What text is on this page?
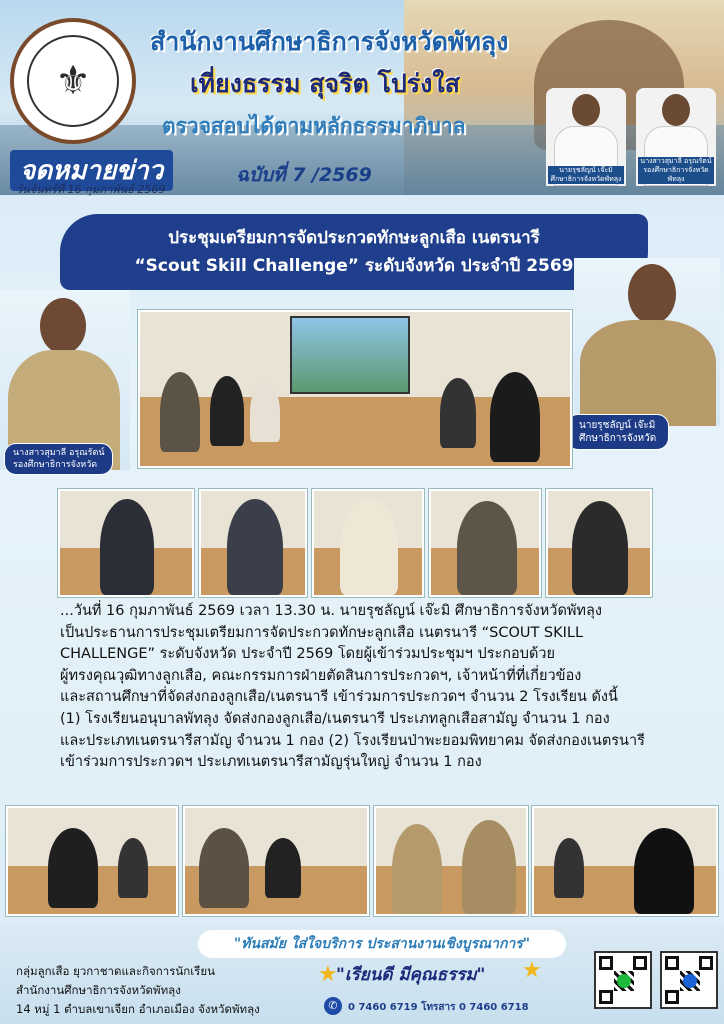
⚜
สำนักงานศึกษาธิการจังหวัดพัทลุง
เที่ยงธรรม สุจริต โปร่งใส
ตรวจสอบได้ตามหลักธรรมาภิบาล
จดหมายข่าว
วันจันทร์ที่ 16 กุมภาพันธ์ 2569
ฉบับที่ 7 /2569	นายรุชลัญน์ เจ๊ะมิ ศึกษาธิการจังหวัดพัทลุง
นางสาวสุมาลี อรุณรัตน์ รองศึกษาธิการจังหวัดพัทลุง
ประชุมเตรียมการจัดประกวดทักษะลูกเสือ เนตรนารี
“Scout Skill Challenge” ระดับจังหวัด ประจำปี 2569
นางสาวสุมาลี อรุณรัตน์
รองศึกษาธิการจังหวัด
นายรุชลัญน์ เจ๊ะมิ
ศึกษาธิการจังหวัด

...วันที่ 16 กุมภาพันธ์ 2569 เวลา 13.30 น. นายรุชลัญน์ เจ๊ะมิ ศึกษาธิการจังหวัดพัทลุง

เป็นประธานการประชุมเตรียมการจัดประกวดทักษะลูกเสือ เนตรนารี “SCOUT SKILL

CHALLENGE” ระดับจังหวัด ประจำปี 2569 โดยผู้เข้าร่วมประชุมฯ ประกอบด้วย

ผู้ทรงคุณวุฒิทางลูกเสือ, คณะกรรมการฝ่ายตัดสินการประกวดฯ, เจ้าหน้าที่ที่เกี่ยวข้อง

และสถานศึกษาที่จัดส่งกองลูกเสือ/เนตรนารี เข้าร่วมการประกวดฯ จำนวน 2 โรงเรียน ดังนี้

(1) โรงเรียนอนุบาลพัทลุง จัดส่งกองลูกเสือ/เนตรนารี ประเภทลูกเสือสามัญ จำนวน 1 กอง

และประเภทเนตรนารีสามัญ จำนวน 1 กอง (2) โรงเรียนป่าพะยอมพิทยาคม จัดส่งกองเนตรนารี

เข้าร่วมการประกวดฯ ประเภทเนตรนารีสามัญรุ่นใหญ่ จำนวน 1 กอง

"ทันสมัย ใส่ใจบริการ ประสานงานเชิงบูรณาการ"
★
"เรียนดี มีคุณธรรม" ★
กลุ่มลูกเสือ ยุวกาชาดและกิจการนักเรียน
สำนักงานศึกษาธิการจังหวัดพัทลุง
14 หมู่ 1 ตำบลเขาเจียก อำเภอเมือง จังหวัดพัทลุง	✆	0 7460 6719 โทรสาร 0 7460 6718
